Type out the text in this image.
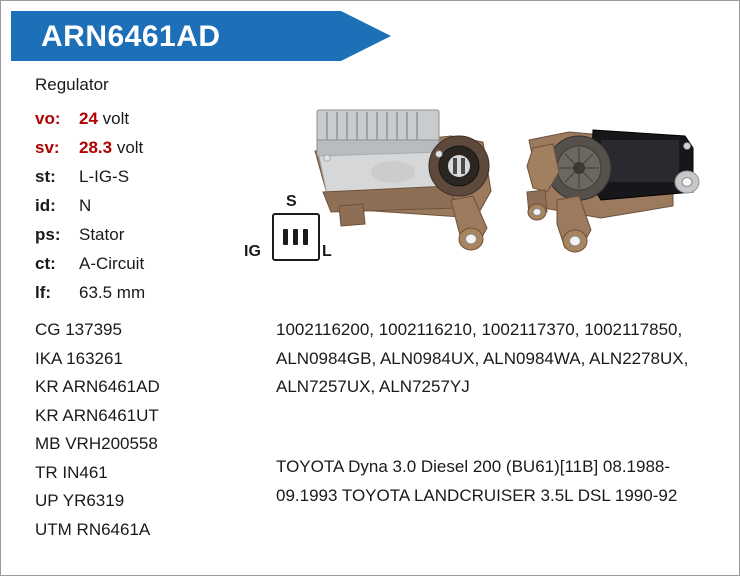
ARN6461AD
Regulator
vo:	24 volt
sv:	28.3 volt
st:	L-IG-S
id:	N
ps:	Stator
ct:	A-Circuit
lf:	63.5 mm
CG 137395
IKA 163261
KR ARN6461AD
KR ARN6461UT
MB VRH200558
TR IN461
UP YR6319
UTM RN6461A
S
IG	L
1002116200, 1002116210, 1002117370, 1002117850, ALN0984GB, ALN0984UX, ALN0984WA, ALN2278UX, ALN7257UX, ALN7257YJ
TOYOTA Dyna 3.0 Diesel 200 (BU61)[11B] 08.1988-09.1993 TOYOTA LANDCRUISER 3.5L DSL 1990-92
